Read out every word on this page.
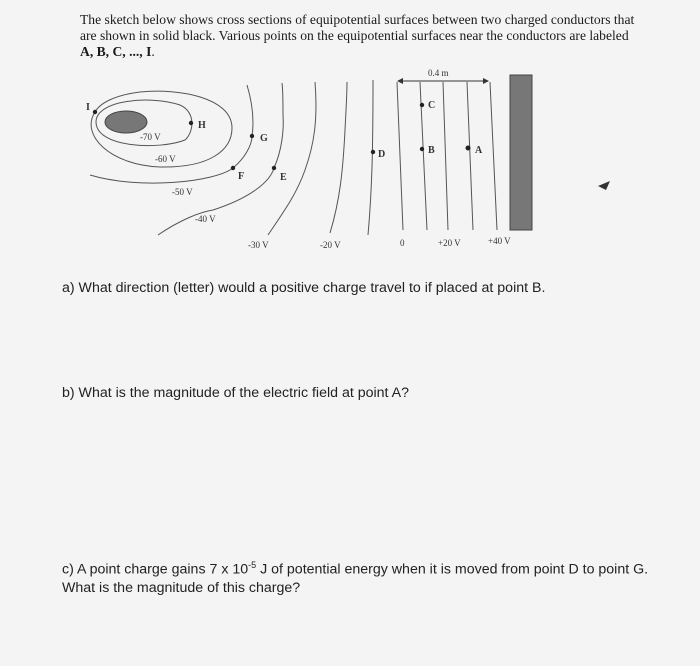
The sketch below shows cross sections of equipotential surfaces between two charged conductors that are shown in solid black. Various points on the equipotential surfaces near the conductors are labeled A, B, C, ..., I.
0.4 m
-70 V
-60 V
-50 V
-40 V
-30 V	-20 V	0	+20 V	+40 V
A
B
C
D
E
F
G
H
I
a) What direction (letter) would a positive charge travel to if placed at point B.
b) What is the magnitude of the electric field at point A?
c) A point charge gains 7 x $10^{-5}$ J of potential energy when it is moved from point D to point G. What is the magnitude of this charge?
